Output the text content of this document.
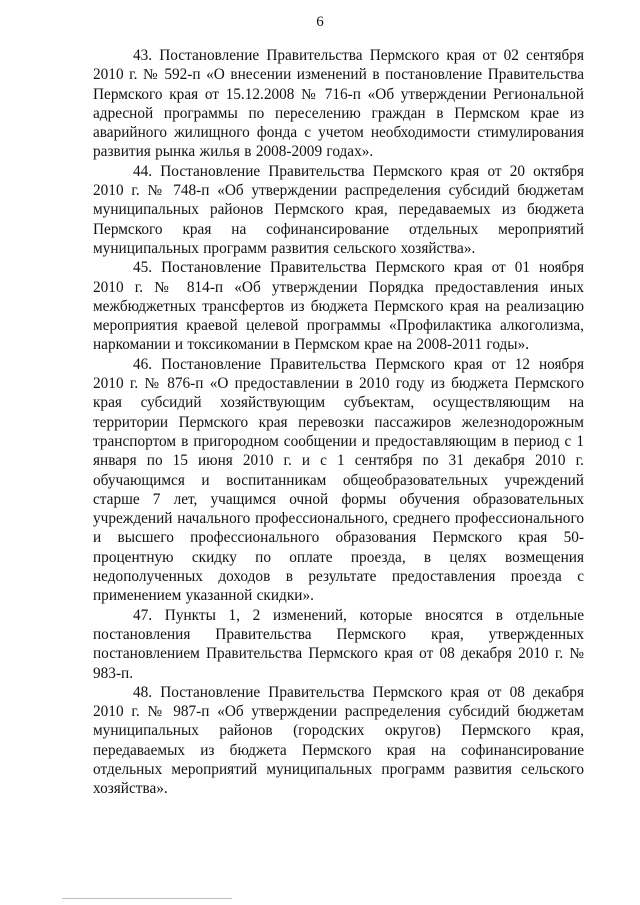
6

43. Постановление Правительства Пермского края от 02 сентября 2010 г. № 592-п «О внесении изменений в постановление Правительства Пермского края от 15.12.2008 № 716-п «Об утверждении Региональной адресной программы по переселению граждан в Пермском крае из аварийного жилищного фонда с учетом необходимости стимулирования развития рынка жилья в 2008-2009 годах».

44. Постановление Правительства Пермского края от 20 октября 2010 г. № 748-п «Об утверждении распределения субсидий бюджетам муниципальных районов Пермского края, передаваемых из бюджета Пермского края на софинансирование отдельных мероприятий муниципальных программ развития сельского хозяйства».

45. Постановление Правительства Пермского края от 01 ноября 2010 г. № 814-п «Об утверждении Порядка предоставления иных межбюджетных трансфертов из бюджета Пермского края на реализацию мероприятия краевой целевой программы «Профилактика алкоголизма, наркомании и токсикомании в Пермском крае на 2008-2011 годы».

46. Постановление Правительства Пермского края от 12 ноября 2010 г. № 876-п «О предоставлении в 2010 году из бюджета Пермского края субсидий хозяйствующим субъектам, осуществляющим на территории Пермского края перевозки пассажиров железнодорожным транспортом в пригородном сообщении и предоставляющим в период с 1 января по 15 июня 2010 г. и с 1 сентября по 31 декабря 2010 г. обучающимся и воспитанникам общеобразовательных учреждений старше 7 лет, учащимся очной формы обучения образовательных учреждений начального профессионального, среднего профессионального и высшего профессионального образования Пермского края 50-процентную скидку по оплате проезда, в целях возмещения недополученных доходов в результате предоставления проезда с применением указанной скидки».

47. Пункты 1, 2 изменений, которые вносятся в отдельные постановления Правительства Пермского края, утвержденных постановлением Правительства Пермского края от 08 декабря 2010 г. № 983-п.

48. Постановление Правительства Пермского края от 08 декабря 2010 г. № 987-п «Об утверждении распределения субсидий бюджетам муниципальных районов (городских округов) Пермского края, передаваемых из бюджета Пермского края на софинансирование отдельных мероприятий муниципальных программ развития сельского хозяйства».
